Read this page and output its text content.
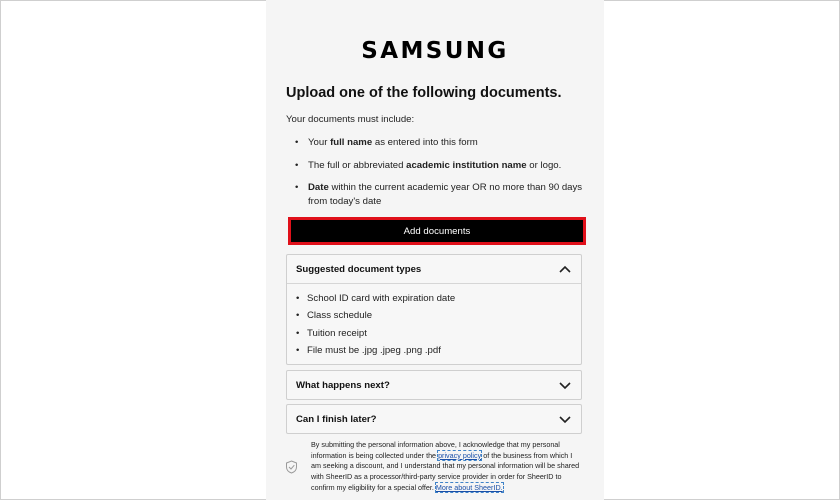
SAMSUNG
Upload one of the following documents.
Your documents must include:
• Your full name as entered into this form
• The full or abbreviated academic institution name or logo.
• Date within the current academic year OR no more than 90 days from today's date
Add documents
Suggested document types
• School ID card with expiration date
• Class schedule
• Tuition receipt
• File must be .jpg .jpeg .png .pdf
What happens next?
Can I finish later?
By submitting the personal information above, I acknowledge that my personal information is being collected under the privacy policy of the business from which I am seeking a discount, and I understand that my personal information will be shared with SheerID as a processor/third-party service provider in order for SheerID to confirm my eligibility for a special offer. More about SheerID.
